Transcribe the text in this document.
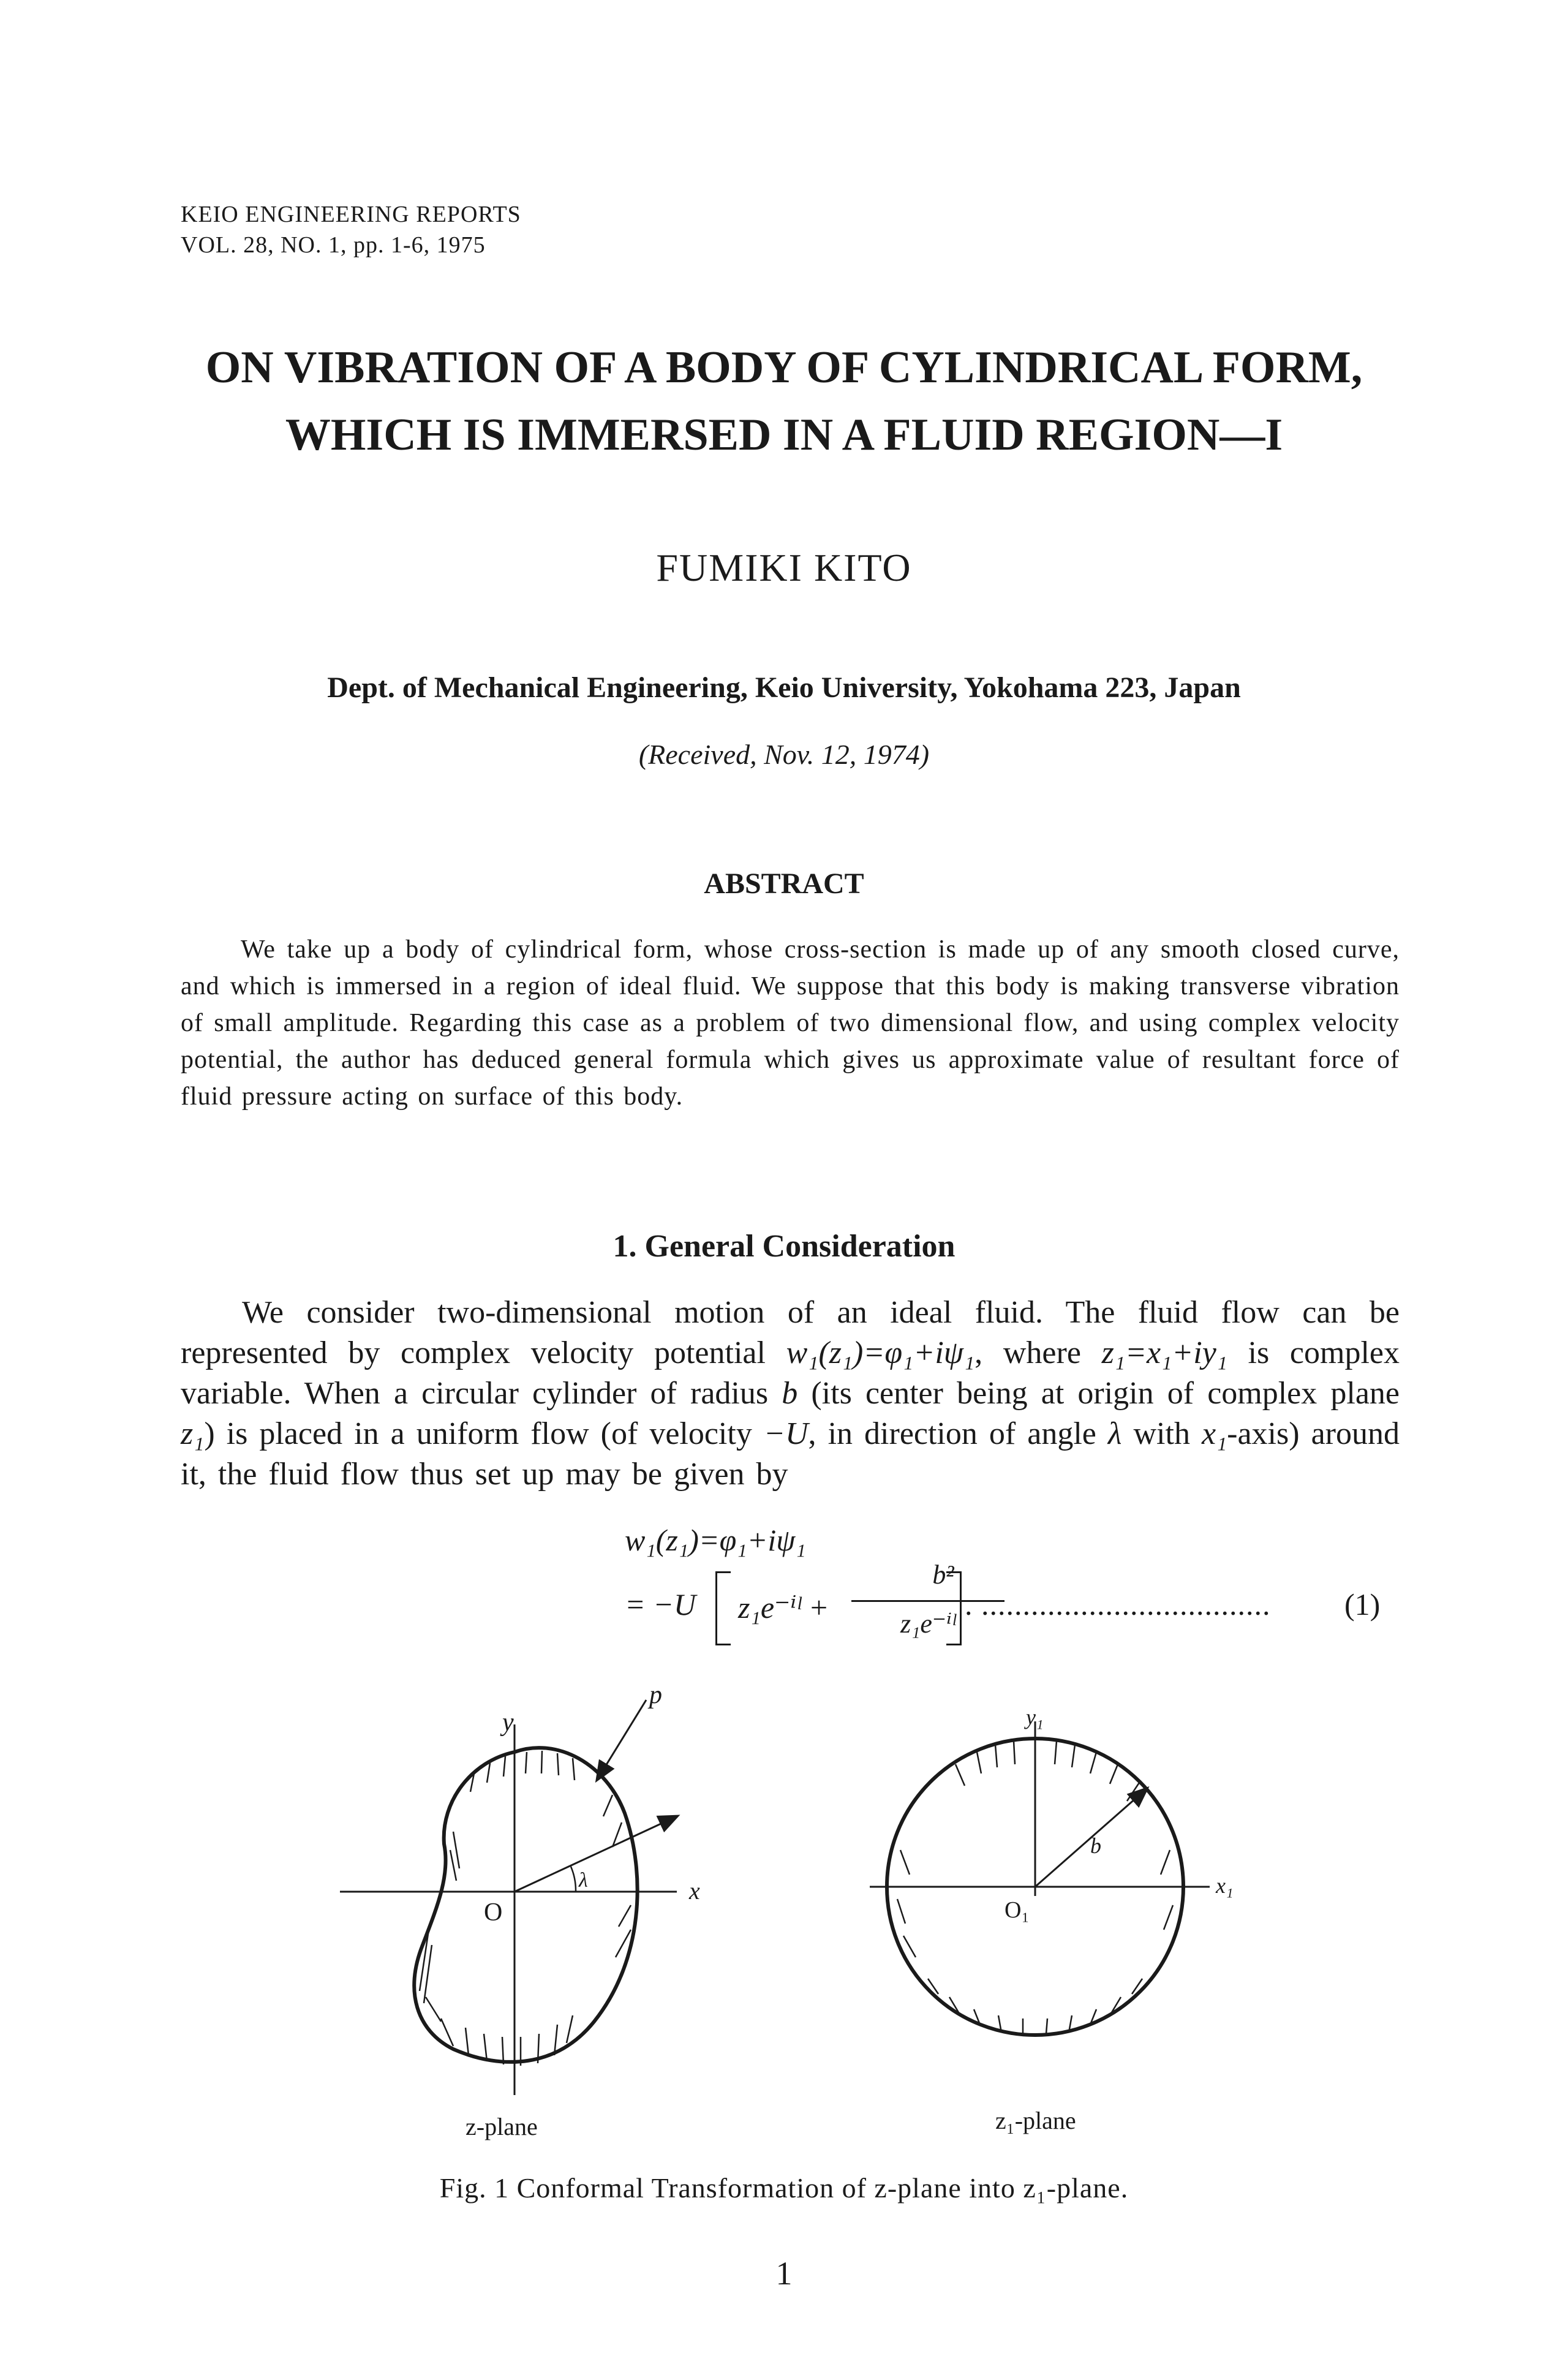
KEIO ENGINEERING REPORTS
VOL. 28, NO. 1, pp. 1-6, 1975
ON VIBRATION OF A BODY OF CYLINDRICAL FORM,
WHICH IS IMMERSED IN A FLUID REGION—I
FUMIKI KITO
Dept. of Mechanical Engineering, Keio University, Yokohama 223, Japan
(Received, Nov. 12, 1974)
ABSTRACT
We take up a body of cylindrical form, whose cross-section is made up of any smooth closed curve, and which is immersed in a region of ideal fluid. We suppose that this body is making transverse vibration of small amplitude. Regarding this case as a problem of two dimensional flow, and using complex velocity potential, the author has deduced general formula which gives us approximate value of resultant force of fluid pressure acting on surface of this body.
1. General Consideration
We consider two-dimensional motion of an ideal fluid. The fluid flow can be represented by complex velocity potential w₁(z₁)=φ₁+iψ₁, where z₁=x₁+iy₁ is complex variable. When a circular cylinder of radius b (its center being at origin of complex plane z₁) is placed in a uniform flow (of velocity −U, in direction of angle λ with x₁-axis) around it, the fluid flow thus set up may be given by
w₁(z₁)=φ₁+iψ₁
= −U z₁e⁻ⁱˡ +
b²
z₁e⁻ⁱˡ
. ................................... (1)
y
x
O
p
λ
z-plane
y₁
x₁
O₁
b
z₁-plane
Fig. 1 Conformal Transformation of z-plane into z₁-plane.
1
